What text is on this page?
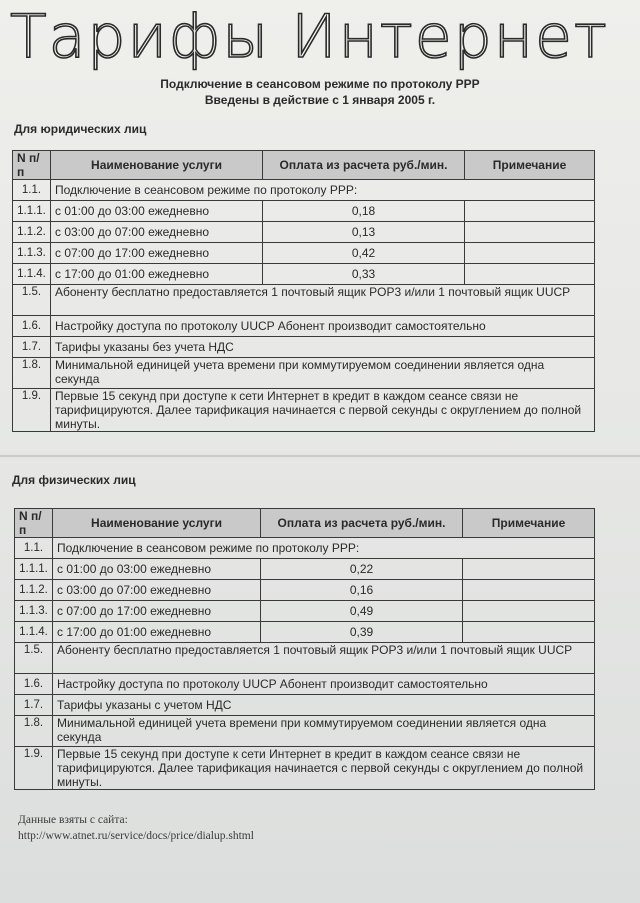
Тарифы Интернет
Подключение в сеансовом режиме по протоколу PPP
Введены в действие с 1 января 2005 г.
Для юридических лиц
N п/п	Наименование услуги	Оплата из расчета руб./мин.	Примечание
1.1.	Подключение в сеансовом режиме по протоколу PPP:		
1.1.1.	с 01:00 до 03:00 ежедневно	0,18	
1.1.2.	с 03:00 до 07:00 ежедневно	0,13	
1.1.3.	с 07:00 до 17:00 ежедневно	0,42	
1.1.4.	с 17:00 до 01:00 ежедневно	0,33	
1.5.	Абоненту бесплатно предоставляется 1 почтовый ящик POP3 и/или 1 почтовый ящик UUCP		
1.6.	Настройку доступа по протоколу UUCP Абонент производит самостоятельно		
1.7.	Тарифы указаны без учета НДС		
1.8.	Минимальной единицей учета времени при коммутируемом соединении является одна секунда		
1.9.	Первые 15 секунд при доступе к сети Интернет в кредит в каждом сеансе связи не тарифицируются. Далее тарификация начинается с первой секунды с округлением до полной минуты.		
Для физических лиц
N п/п	Наименование услуги	Оплата из расчета руб./мин.	Примечание
1.1.	Подключение в сеансовом режиме по протоколу PPP:		
1.1.1.	с 01:00 до 03:00 ежедневно	0,22	
1.1.2.	с 03:00 до 07:00 ежедневно	0,16	
1.1.3.	с 07:00 до 17:00 ежедневно	0,49	
1.1.4.	с 17:00 до 01:00 ежедневно	0,39	
1.5.	Абоненту бесплатно предоставляется 1 почтовый ящик POP3 и/или 1 почтовый ящик UUCP		
1.6.	Настройку доступа по протоколу UUCP Абонент производит самостоятельно		
1.7.	Тарифы указаны с учетом НДС		
1.8.	Минимальной единицей учета времени при коммутируемом соединении является одна секунда		
1.9.	Первые 15 секунд при доступе к сети Интернет в кредит в каждом сеансе связи не тарифицируются. Далее тарификация начинается с первой секунды с округлением до полной минуты.		
Данные взяты с сайта:
http://www.atnet.ru/service/docs/price/dialup.shtml
